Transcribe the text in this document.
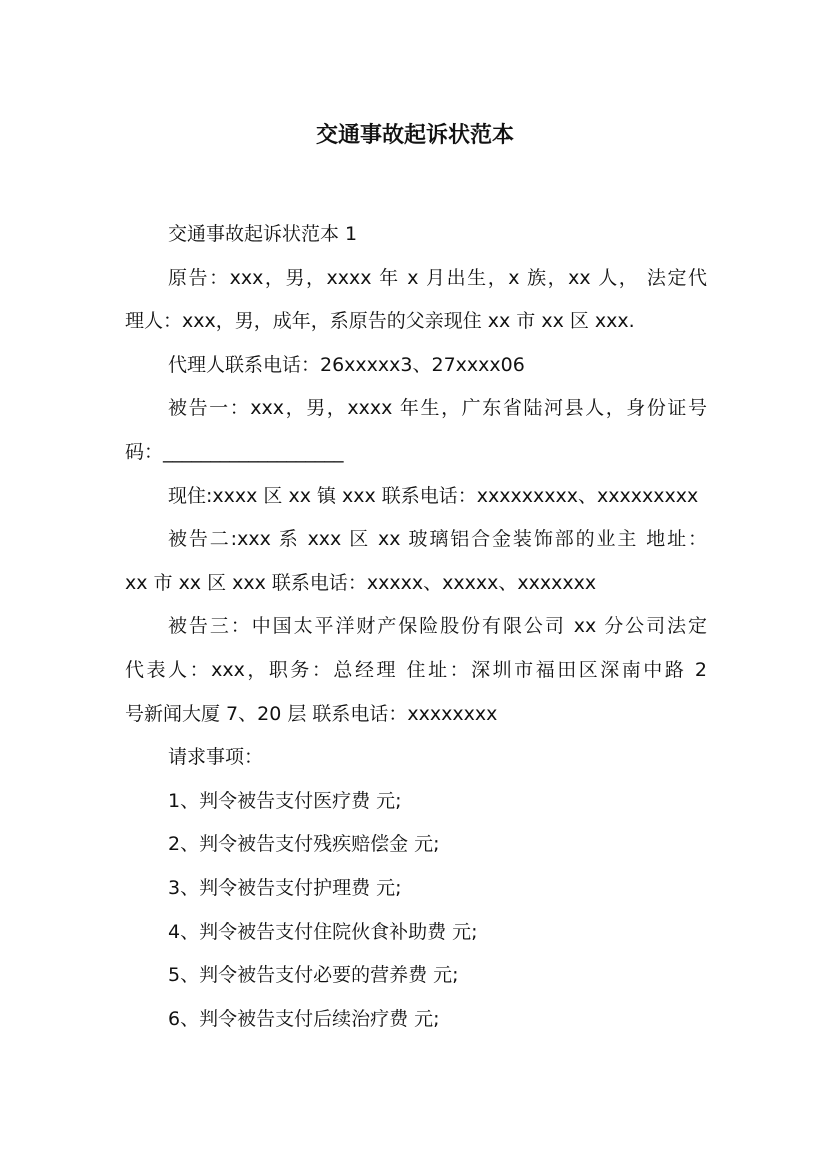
交通事故起诉状范本
交通事故起诉状范本 1
原告：xxx，男，xxxx 年 x 月出生，x 族，xx 人， 法定代
理人：xxx，男，成年，系原告的父亲现住 xx 市 xx 区 xxx.
代理人联系电话：26xxxxx3、27xxxx06
被告一：xxx，男，xxxx 年生，广东省陆河县人，身份证号
码：___________________
现住:xxxx 区 xx 镇 xxx 联系电话：xxxxxxxxx、xxxxxxxxx
被告二:xxx 系 xxx 区 xx 玻璃铝合金装饰部的业主 地址：
xx 市 xx 区 xxx 联系电话：xxxxx、xxxxx、xxxxxxx
被告三：中国太平洋财产保险股份有限公司 xx 分公司法定
代表人：xxx，职务：总经理 住址：深圳市福田区深南中路 2
号新闻大厦 7、20 层 联系电话：xxxxxxxx
请求事项：
1、判令被告支付医疗费 元;
2、判令被告支付残疾赔偿金 元;
3、判令被告支付护理费 元;
4、判令被告支付住院伙食补助费 元;
5、判令被告支付必要的营养费 元;
6、判令被告支付后续治疗费 元;
